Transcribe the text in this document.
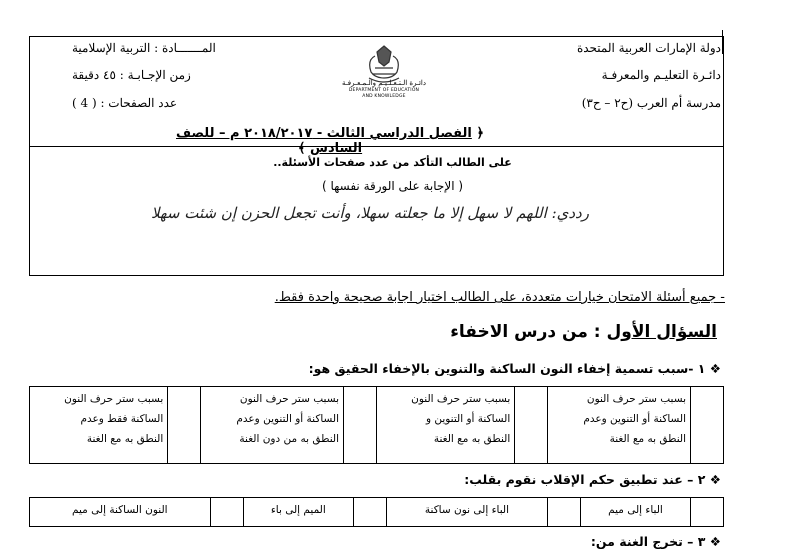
دولة الإمارات العربية المتحدة
دائـرة التعليـم والمعرفـة
مدرسة أم العرب (ح٢ – ح٣)
المـــــــادة : التربية الإسلامية
زمن الإجـابـة : ٤٥ دقيقة
عدد الصفحات : ( 4 )
دائـرة الـتـعـلـيـم والـمـعـرفـة
DEPARTMENT OF EDUCATION
AND KNOWLEDGE
﴿ الفصل الدراسي الثالث - ٢٠١٨/٢٠١٧ م – للصف السادس ﴾
على الطالب التأكد من عدد صفحات الأسئلة..
( الإجابة على الورقة نفسها )
رددي: اللهم لا سهل إلا ما جعلته سهلا، وأنت تجعل الحزن إن شئت سهلا
- جميع أسئلة الامتحان خيارات متعددة، على الطالب اختيار اجابة صحيحة واحدة فقط.
السؤال الأول : من درس الاخفاء
❖ ١ -سبب تسمية إخفاء النون الساكنة والتنوين بالإخفاء الحقيق هو:

بسبب ستر حرف النون
الساكنة أو التنوين وعدم
النطق به مع الغنة

بسبب ستر حرف النون
الساكنة أو التنوين و
النطق به مع الغنة

بسبب ستر حرف النون
الساكنة أو التنوين وعدم
النطق به من دون الغنة

بسبب ستر حرف النون
الساكنة فقط وعدم
النطق به مع الغنة
❖ ٢ – عند تطبيق حكم الإقلاب نقوم بقلب:
	الباء إلى ميم		الباء إلى نون ساكنة		الميم إلى باء		النون الساكنة إلى ميم
❖ ٣ – تخرج الغنة من:
